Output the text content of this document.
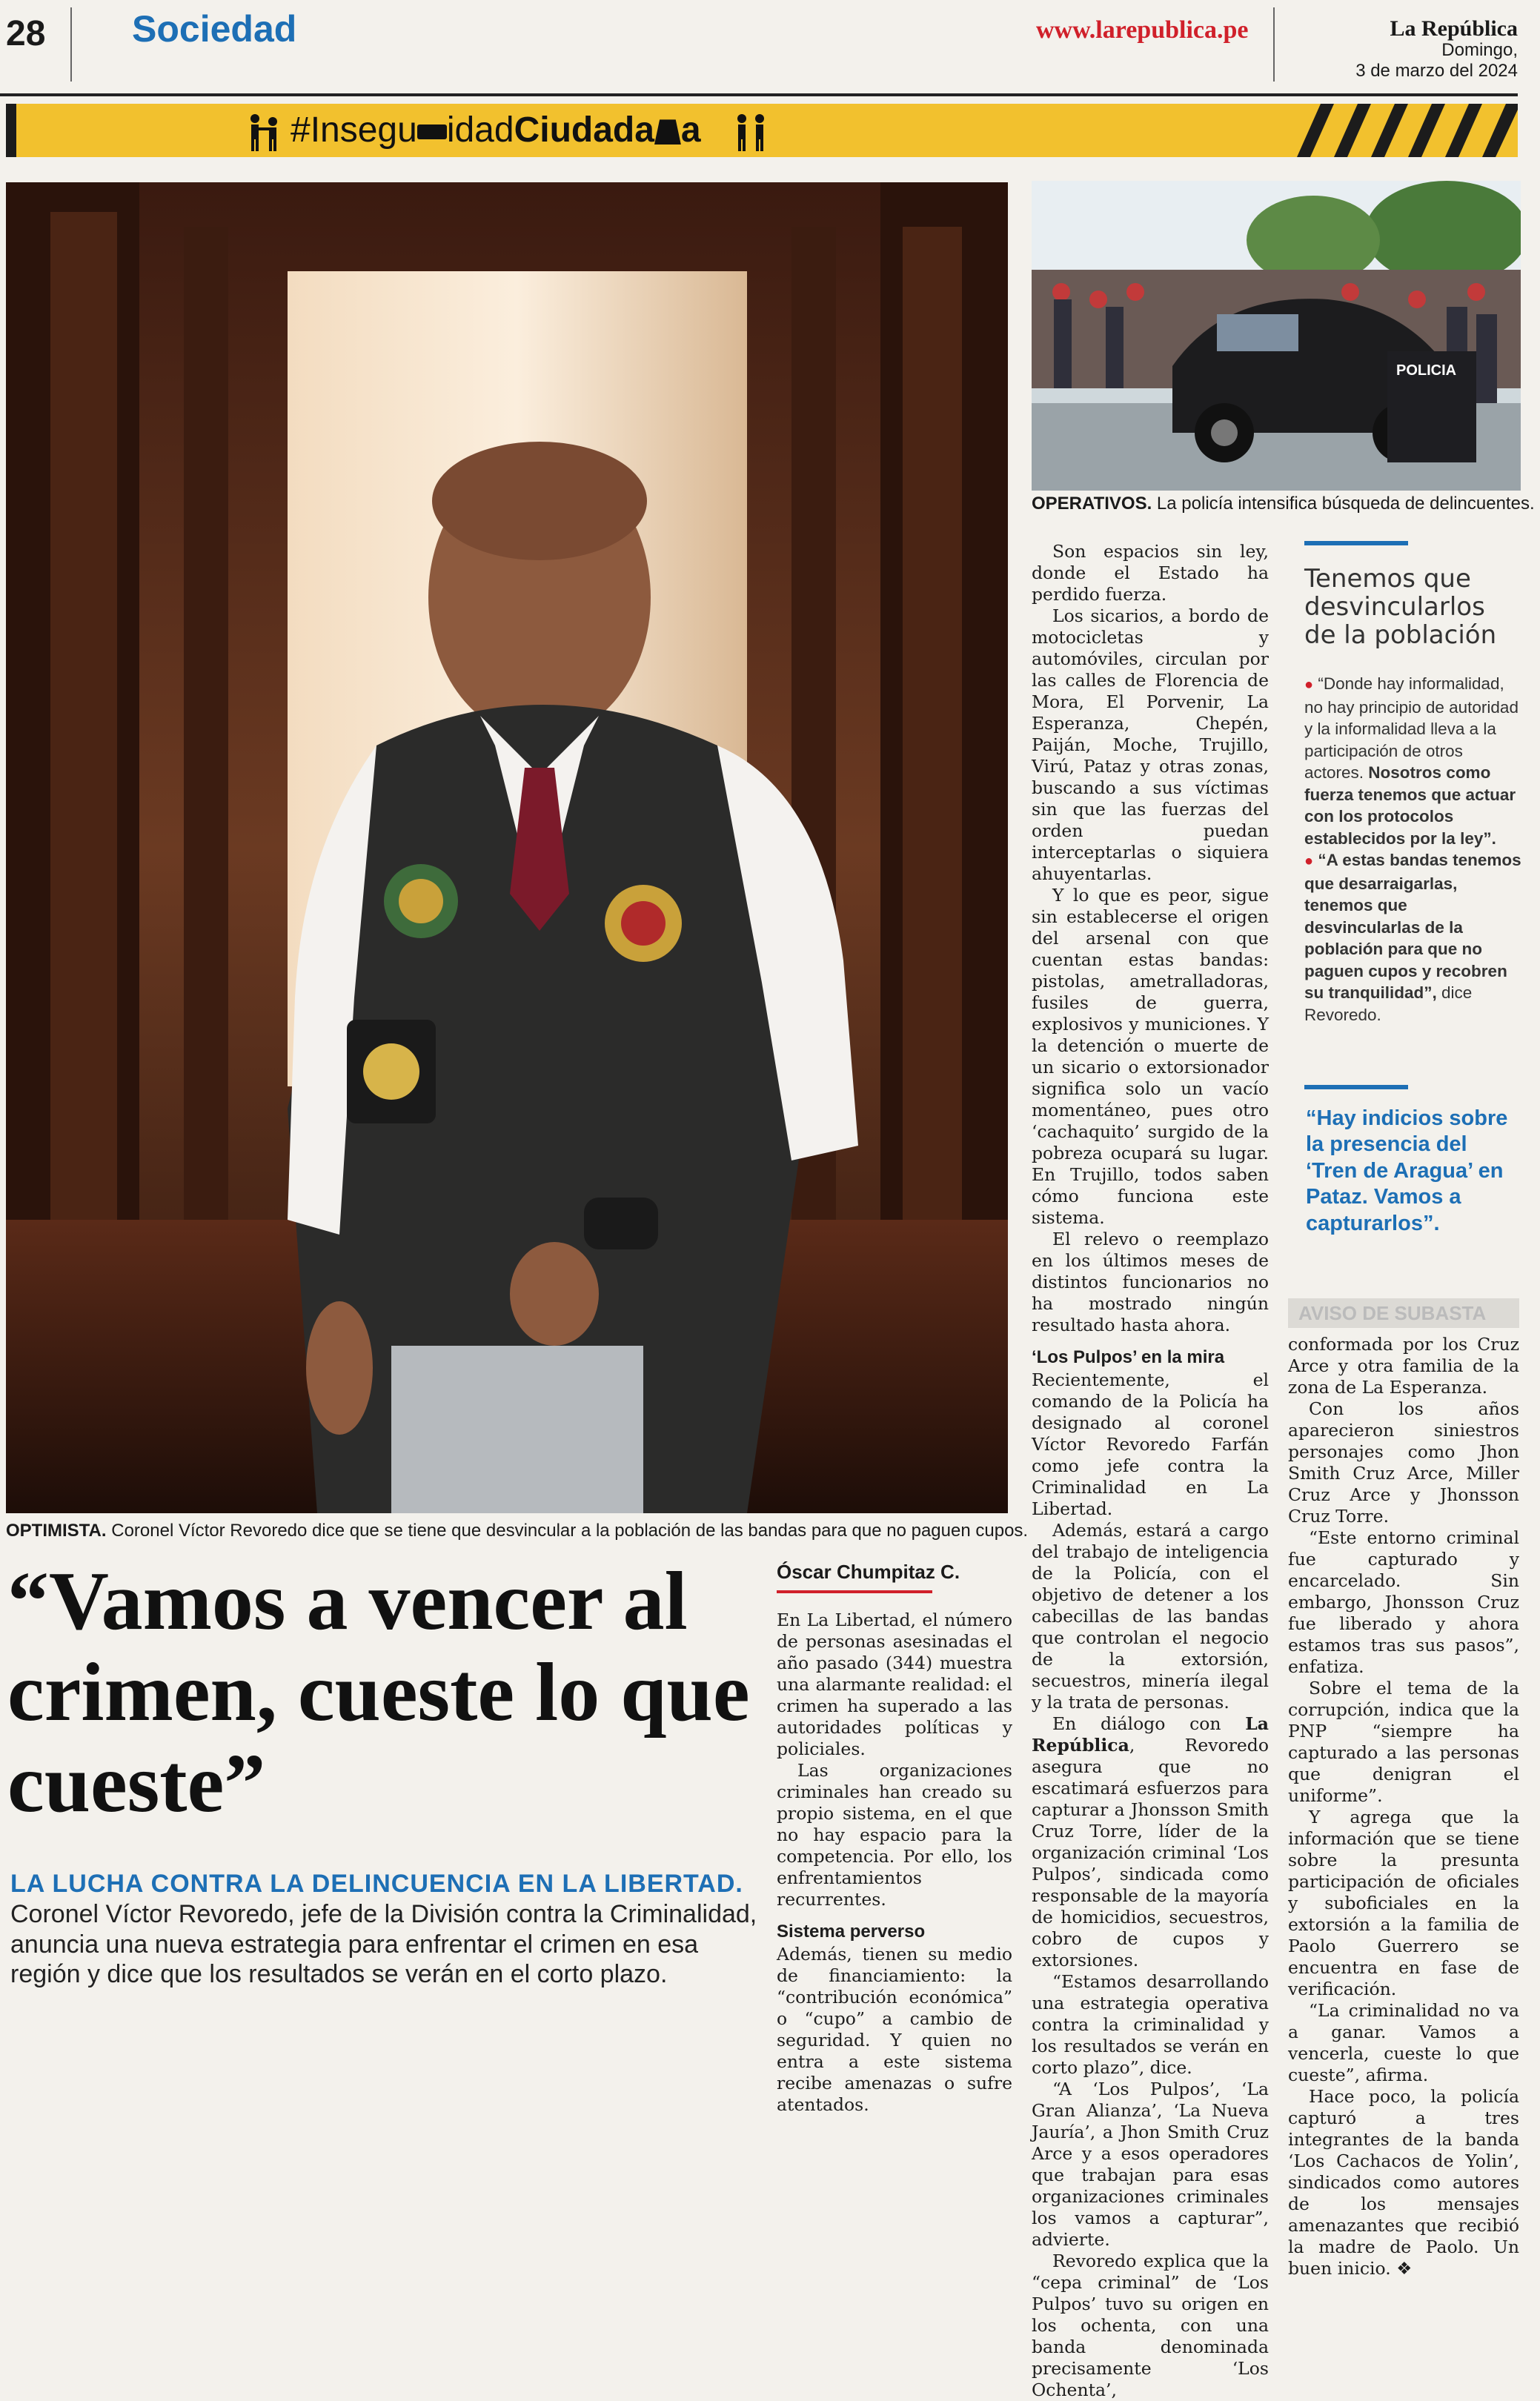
28 Sociedad	www.larepublica.pe	La República
Domingo,
3 de marzo del 2024
#Insegu idadCiudada a
POLICIA
OPTIMISTA. Coronel Víctor Revoredo dice que se tiene que desvincular a la población de las bandas para que no paguen cupos.
OPERATIVOS. La policía intensifica búsqueda de delincuentes.
“Vamos a vencer al crimen, cueste lo que cueste”
LA LUCHA CONTRA LA DELINCUENCIA EN LA LIBERTAD. Coronel Víctor Revoredo, jefe de la División contra la Criminalidad, anuncia una nueva estrategia para enfrentar el crimen en esa región y dice que los resultados se verán en el corto plazo.
Óscar Chumpitaz C.

En La Libertad, el número de personas asesinadas el año pasado (344) muestra una alarmante realidad: el crimen ha superado a las autoridades políticas y policiales.

Las organizaciones criminales han creado su propio sistema, en el que no hay espacio para la competencia. Por ello, los enfrentamientos recurrentes.

Sistema perverso

Además, tienen su medio de financiamiento: la “contribución económica” o “cupo” a cambio de seguridad. Y quien no entra a este sistema recibe amenazas o sufre atentados.

Son espacios sin ley, donde el Estado ha perdido fuerza.

Los sicarios, a bordo de motocicletas y automóviles, circulan por las calles de Florencia de Mora, El Porvenir, La Esperanza, Chepén, Paiján, Moche, Trujillo, Virú, Pataz y otras zonas, buscando a sus víctimas sin que las fuerzas del orden puedan interceptarlas o siquiera ahuyentarlas.

Y lo que es peor, sigue sin establecerse el origen del arsenal con que cuentan estas bandas: pistolas, ametralladoras, fusiles de guerra, explosivos y municiones. Y la detención o muerte de un sicario o extorsionador significa solo un vacío momentáneo, pues otro ‘cachaquito’ surgido de la pobreza ocupará su lugar. En Trujillo, todos saben cómo funciona este sistema.

El relevo o reemplazo en los últimos meses de distintos funcionarios no ha mostrado ningún resultado hasta ahora.

‘Los Pulpos’ en la mira

Recientemente, el comando de la Policía ha designado al coronel Víctor Revoredo Farfán como jefe contra la Criminalidad en La Libertad.

Además, estará a cargo del trabajo de inteligencia de la Policía, con el objetivo de detener a los cabecillas de las bandas que controlan el negocio de la extorsión, secuestros, minería ilegal y la trata de personas.

En diálogo con La República, Revoredo asegura que no escatimará esfuerzos para capturar a Jhonsson Smith Cruz Torre, líder de la organización criminal ‘Los Pulpos’, sindicada como responsable de la mayoría de homicidios, secuestros, cobro de cupos y extorsiones.

“Estamos desarrollando una estrategia operativa contra la criminalidad y los resultados se verán en corto plazo”, dice.

“A ‘Los Pulpos’, ‘La Gran Alianza’, ‘La Nueva Jauría’, a Jhon Smith Cruz Arce y a esos operadores que trabajan para esas organizaciones criminales los vamos a capturar”, advierte.

Revoredo explica que la “cepa criminal” de ‘Los Pulpos’ tuvo su origen en los ochenta, con una banda denominada precisamente ‘Los Ochenta’,

Tenemos que desvincularlos de la población

● “Donde hay informalidad, no hay principio de autoridad y la informalidad lleva a la participación de otros actores. Nosotros como fuerza tenemos que actuar con los protocolos establecidos por la ley”.

● “A estas bandas tenemos que desarraigarlas, tenemos que desvincularlas de la población para que no paguen cupos y recobren su tranquilidad”, dice Revoredo.

“Hay indicios sobre la presencia del ‘Tren de Aragua’ en Pataz. Vamos a capturarlos”.
AVISO DE SUBASTA

conformada por los Cruz Arce y otra familia de la zona de La Esperanza.

Con los años aparecieron siniestros personajes como Jhon Smith Cruz Arce, Miller Cruz Arce y Jhonsson Cruz Torre.

“Este entorno criminal fue capturado y encarcelado. Sin embargo, Jhonsson Cruz fue liberado y ahora estamos tras sus pasos”, enfatiza.

Sobre el tema de la corrupción, indica que la PNP “siempre ha capturado a las personas que denigran el uniforme”.

Y agrega que la información que se tiene sobre la presunta participación de oficiales y suboficiales en la extorsión a la familia de Paolo Guerrero se encuentra en fase de verificación.

“La criminalidad no va a ganar. Vamos a vencerla, cueste lo que cueste”, afirma.

Hace poco, la policía capturó a tres integrantes de la banda ‘Los Cachacos de Yolin’, sindicados como autores de los mensajes amenazantes que recibió la madre de Paolo. Un buen inicio. ❖
